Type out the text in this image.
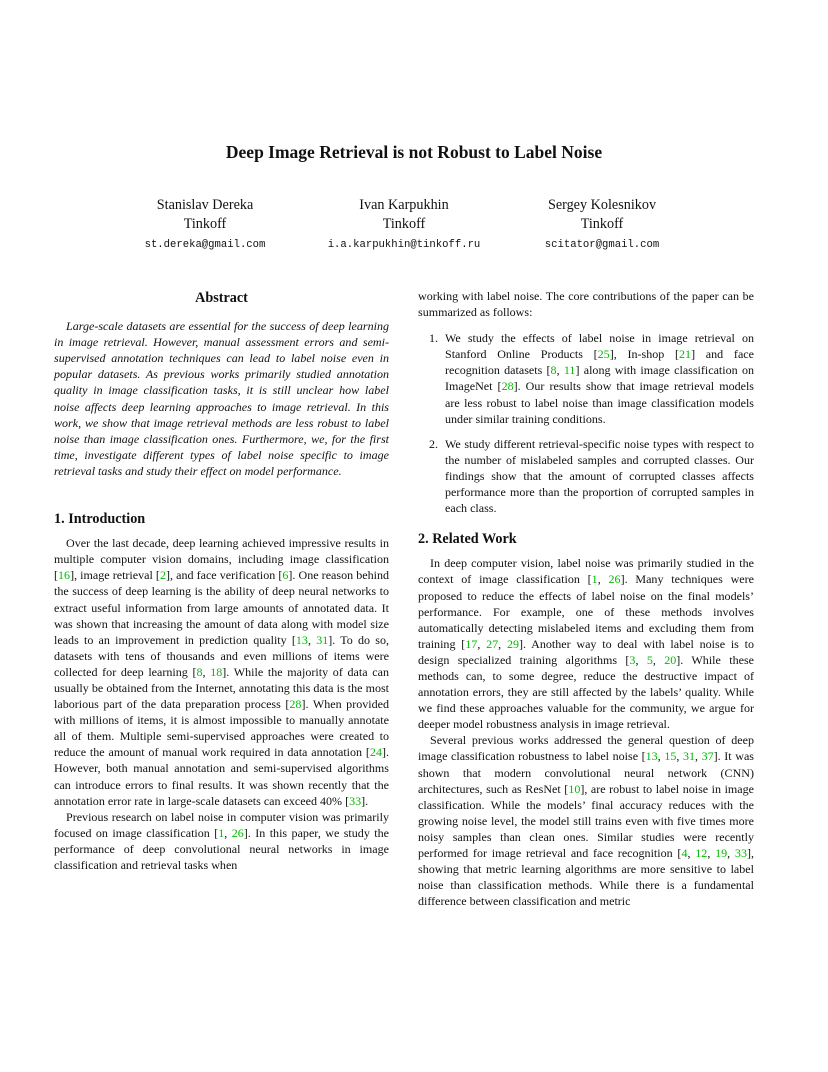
Deep Image Retrieval is not Robust to Label Noise
Stanislav Dereka
Tinkoff
st.dereka@gmail.com
Ivan Karpukhin
Tinkoff
i.a.karpukhin@tinkoff.ru
Sergey Kolesnikov
Tinkoff
scitator@gmail.com
Abstract

Large-scale datasets are essential for the success of deep learning in image retrieval. However, manual assessment errors and semi-supervised annotation techniques can lead to label noise even in popular datasets. As previous works primarily studied annotation quality in image classification tasks, it is still unclear how label noise affects deep learning approaches to image retrieval. In this work, we show that image retrieval methods are less robust to label noise than image classification ones. Furthermore, we, for the first time, investigate different types of label noise specific to image retrieval tasks and study their effect on model performance.

1. Introduction

Over the last decade, deep learning achieved impressive results in multiple computer vision domains, including image classification [16], image retrieval [2], and face verification [6]. One reason behind the success of deep learning is the ability of deep neural networks to extract useful information from large amounts of annotated data. It was shown that increasing the amount of data along with model size leads to an improvement in prediction quality [13, 31]. To do so, datasets with tens of thousands and even millions of items were collected for deep learning [8, 18]. While the majority of data can usually be obtained from the Internet, annotating this data is the most laborious part of the data preparation process [28]. When provided with millions of items, it is almost impossible to manually annotate all of them. Multiple semi-supervised approaches were created to reduce the amount of manual work required in data annotation [24]. However, both manual annotation and semi-supervised algorithms can introduce errors to final results. It was shown recently that the annotation error rate in large-scale datasets can exceed 40% [33].

Previous research on label noise in computer vision was primarily focused on image classification [1, 26]. In this paper, we study the performance of deep convolutional neural networks in image classification and retrieval tasks when

working with label noise. The core contributions of the paper can be summarized as follows:

1. We study the effects of label noise in image retrieval on Stanford Online Products [25], In-shop [21] and face recognition datasets [8, 11] along with image classification on ImageNet [28]. Our results show that image retrieval models are less robust to label noise than image classification models under similar training conditions.
2. We study different retrieval-specific noise types with respect to the number of mislabeled samples and corrupted classes. Our findings show that the amount of corrupted classes affects performance more than the proportion of corrupted samples in each class.
2. Related Work

In deep computer vision, label noise was primarily studied in the context of image classification [1, 26]. Many techniques were proposed to reduce the effects of label noise on the final models’ performance. For example, one of these methods involves automatically detecting mislabeled items and excluding them from training [17, 27, 29]. Another way to deal with label noise is to design specialized training algorithms [3, 5, 20]. While these methods can, to some degree, reduce the destructive impact of annotation errors, they are still affected by the labels’ quality. While we find these approaches valuable for the community, we argue for deeper model robustness analysis in image retrieval.

Several previous works addressed the general question of deep image classification robustness to label noise [13, 15, 31, 37]. It was shown that modern convolutional neural network (CNN) architectures, such as ResNet [10], are robust to label noise in image classification. While the models’ final accuracy reduces with the growing noise level, the model still trains even with five times more noisy samples than clean ones. Similar studies were recently performed for image retrieval and face recognition [4, 12, 19, 33], showing that metric learning algorithms are more sensitive to label noise than classification methods. While there is a fundamental difference between classification and metric
